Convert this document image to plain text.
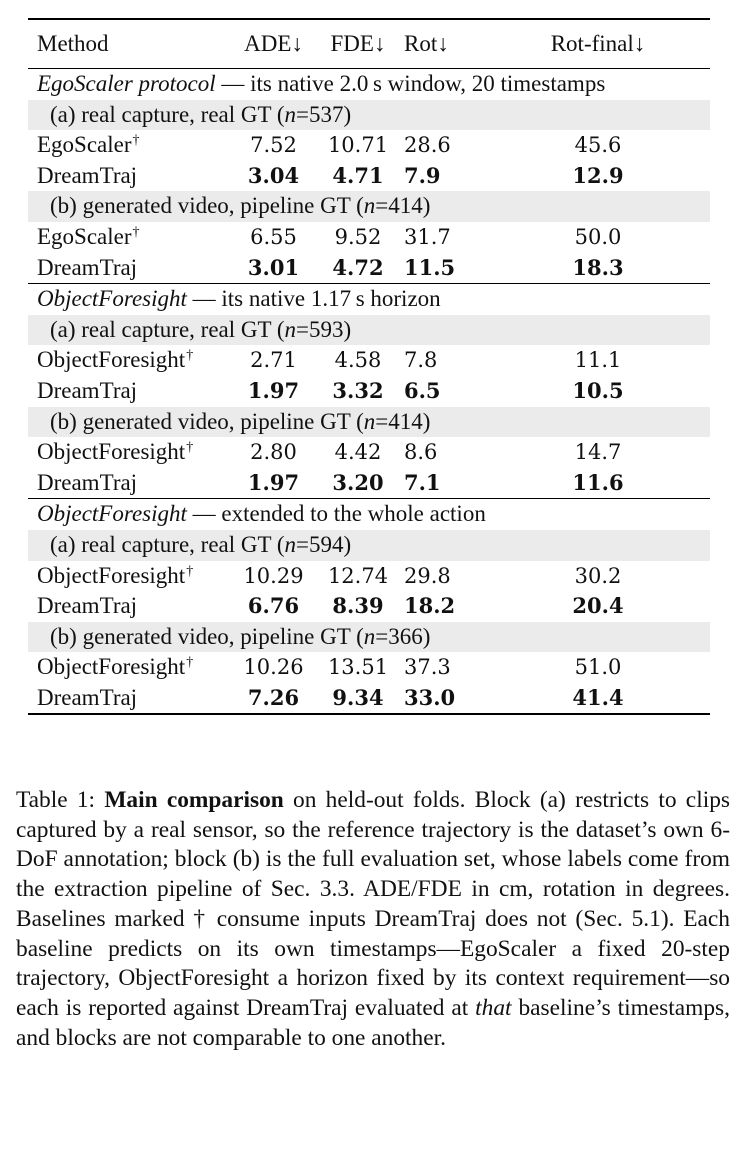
Method	ADE↓	FDE↓	Rot↓	Rot-final↓
EgoScaler protocol — its native 2.0 s window, 20 timestamps				
(a) real capture, real GT (n=537)				
EgoScaler†	7.52	10.71	28.6	45.6
DreamTraj	3.04	4.71	7.9	12.9
(b) generated video, pipeline GT (n=414)				
EgoScaler†	6.55	9.52	31.7	50.0
DreamTraj	3.01	4.72	11.5	18.3
ObjectForesight — its native 1.17 s horizon				
(a) real capture, real GT (n=593)				
ObjectForesight†	2.71	4.58	7.8	11.1
DreamTraj	1.97	3.32	6.5	10.5
(b) generated video, pipeline GT (n=414)				
ObjectForesight†	2.80	4.42	8.6	14.7
DreamTraj	1.97	3.20	7.1	11.6
ObjectForesight — extended to the whole action				
(a) real capture, real GT (n=594)				
ObjectForesight†	10.29	12.74	29.8	30.2
DreamTraj	6.76	8.39	18.2	20.4
(b) generated video, pipeline GT (n=366)				
ObjectForesight†	10.26	13.51	37.3	51.0
DreamTraj	7.26	9.34	33.0	41.4
Table 1: Main comparison on held-out folds. Block (a) restricts to clips captured by a real sensor, so the reference trajectory is the dataset’s own 6-DoF annotation; block (b) is the full evaluation set, whose labels come from the extraction pipeline of Sec. 3.3. ADE/FDE in cm, rotation in degrees. Baselines marked † consume inputs DreamTraj does not (Sec. 5.1). Each baseline predicts on its own timestamps—EgoScaler a fixed 20-step trajectory, ObjectForesight a horizon fixed by its context requirement—so each is reported against DreamTraj evaluated at that baseline’s timestamps, and blocks are not comparable to one another.
